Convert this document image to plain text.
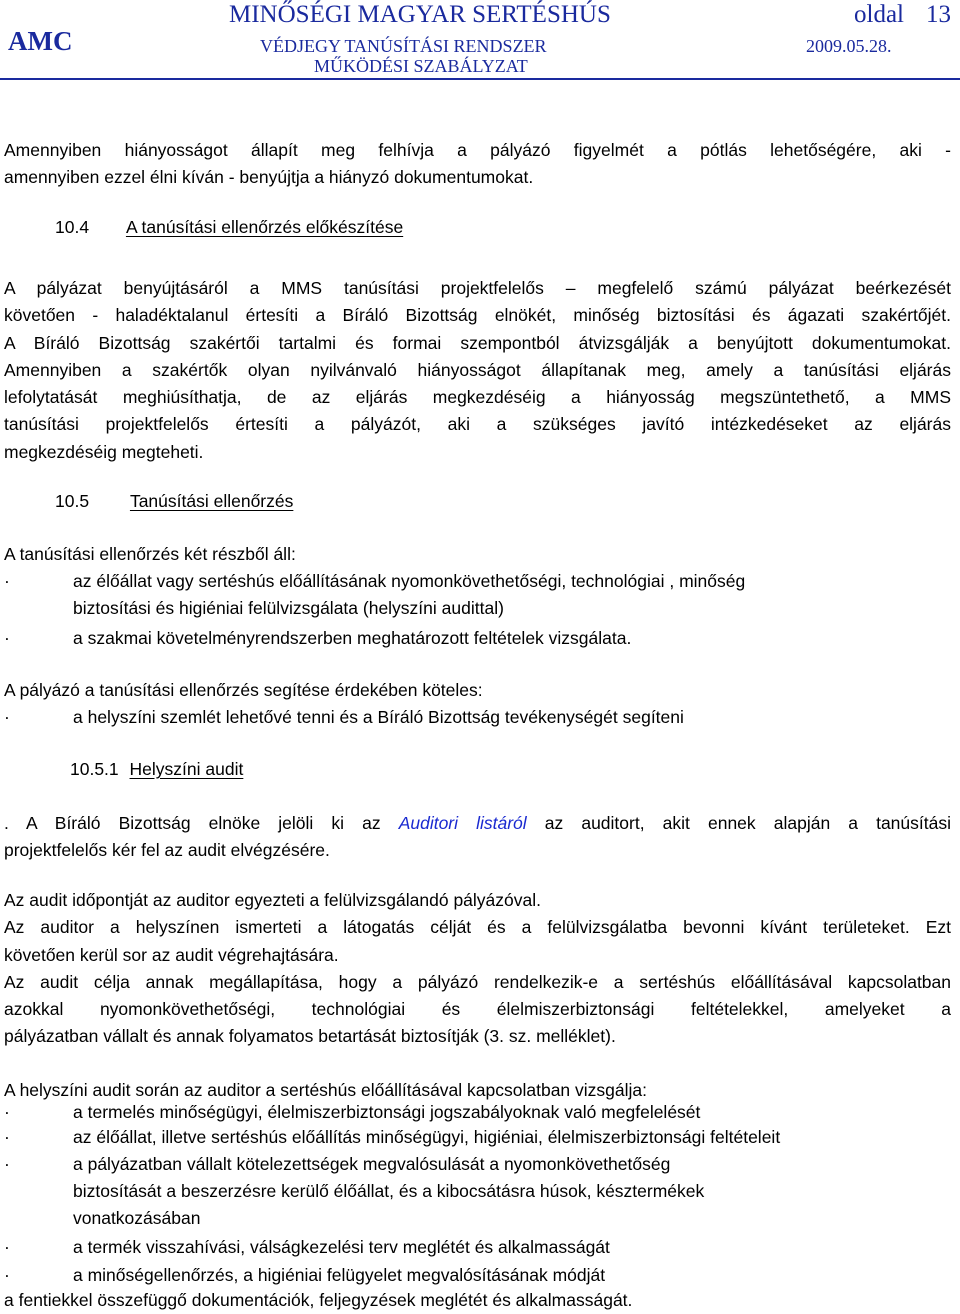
AMC
MINŐSÉGI MAGYAR SERTÉSHÚS
VÉDJEGY TANÚSÍTÁSI RENDSZER
MŰKÖDÉSI SZABÁLYZAT
oldal 13
2009.05.28.
Amennyiben hiányosságot állapít meg felhívja a pályázó figyelmét a pótlás lehetőségére, aki -
amennyiben ezzel élni kíván - benyújtja a hiányzó dokumentumokat.
10.4 A tanúsítási ellenőrzés előkészítése
A pályázat benyújtásáról a MMS tanúsítási projektfelelős – megfelelő számú pályázat beérkezését
követően - haladéktalanul értesíti a Bíráló Bizottság elnökét, minőség biztosítási és ágazati szakértőjét.
A Bíráló Bizottság szakértői tartalmi és formai szempontból átvizsgálják a benyújtott dokumentumokat.
Amennyiben a szakértők olyan nyilvánvaló hiányosságot állapítanak meg, amely a tanúsítási eljárás
lefolytatását meghiúsíthatja, de az eljárás megkezdéséig a hiányosság megszüntethető, a MMS
tanúsítási projektfelelős értesíti a pályázót, aki a szükséges javító intézkedéseket az eljárás
megkezdéséig megteheti.
10.5 Tanúsítási ellenőrzés
A tanúsítási ellenőrzés két részből áll:
·	az élőállat vagy sertéshús előállításának nyomonkövethetőségi, technológiai , minőség
biztosítási és higiéniai felülvizsgálata (helyszíni audittal)
·	a szakmai követelményrendszerben meghatározott feltételek vizsgálata.
A pályázó a tanúsítási ellenőrzés segítése érdekében köteles:
·	a helyszíni szemlét lehetővé tenni és a Bíráló Bizottság tevékenységét segíteni
10.5.1 Helyszíni audit
. A Bíráló Bizottság elnöke jelöli ki az Auditori listáról az auditort, akit ennek alapján a tanúsítási
projektfelelős kér fel az audit elvégzésére.
Az audit időpontját az auditor egyezteti a felülvizsgálandó pályázóval.
Az auditor a helyszínen ismerteti a látogatás célját és a felülvizsgálatba bevonni kívánt területeket. Ezt
követően kerül sor az audit végrehajtására.
Az audit célja annak megállapítása, hogy a pályázó rendelkezik-e a sertéshús előállításával kapcsolatban
azokkal nyomonkövethetőségi, technológiai és élelmiszerbiztonsági feltételekkel, amelyeket a
pályázatban vállalt és annak folyamatos betartását biztosítják (3. sz. melléklet).
A helyszíni audit során az auditor a sertéshús előállításával kapcsolatban vizsgálja:
·	a termelés minőségügyi, élelmiszerbiztonsági jogszabályoknak való megfelelését
·	az élőállat, illetve sertéshús előállítás minőségügyi, higiéniai, élelmiszerbiztonsági feltételeit
·	a pályázatban vállalt kötelezettségek megvalósulását a nyomonkövethetőség
biztosítását a beszerzésre kerülő élőállat, és a kibocsátásra húsok, késztermékek
vonatkozásában
·	a termék visszahívási, válságkezelési terv meglétét és alkalmasságát
·	a minőségellenőrzés, a higiéniai felügyelet megvalósításának módját
a fentiekkel összefüggő dokumentációk, feljegyzések meglétét és alkalmasságát.
